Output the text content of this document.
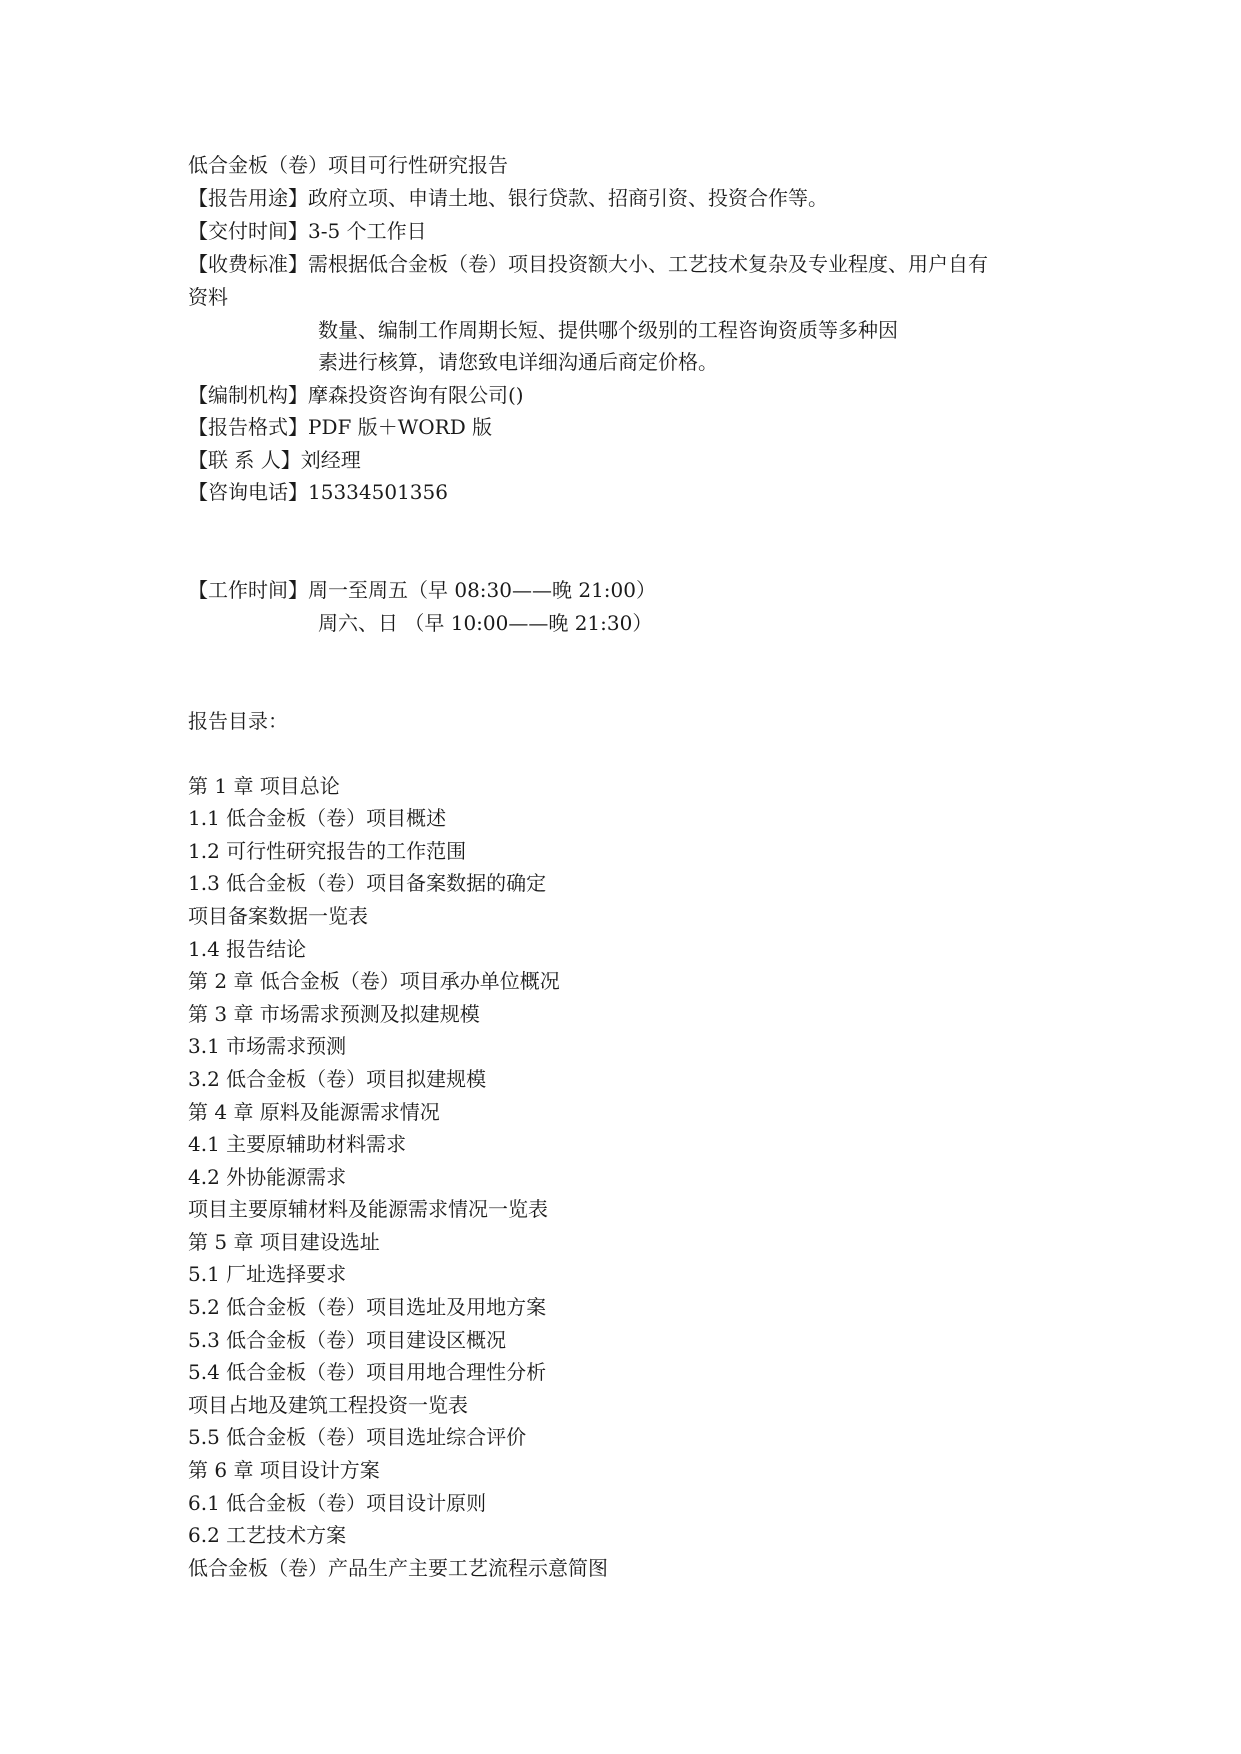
低合金板（卷）项目可行性研究报告
【报告用途】政府立项、申请土地、银行贷款、招商引资、投资合作等。
【交付时间】3-5 个工作日
【收费标准】需根据低合金板（卷）项目投资额大小、工艺技术复杂及专业程度、用户自有
资料
数量、编制工作周期长短、提供哪个级别的工程咨询资质等多种因
素进行核算，请您致电详细沟通后商定价格。
【编制机构】摩森投资咨询有限公司()
【报告格式】PDF 版＋WORD 版
【联 系 人】刘经理
【咨询电话】15334501356
【工作时间】周一至周五（早 08:30——晚 21:00）
周六、日 （早 10:00——晚 21:30）
报告目录：
第 1 章 项目总论
1.1 低合金板（卷）项目概述
1.2 可行性研究报告的工作范围
1.3 低合金板（卷）项目备案数据的确定
项目备案数据一览表
1.4 报告结论
第 2 章 低合金板（卷）项目承办单位概况
第 3 章 市场需求预测及拟建规模
3.1 市场需求预测
3.2 低合金板（卷）项目拟建规模
第 4 章 原料及能源需求情况
4.1 主要原辅助材料需求
4.2 外协能源需求
项目主要原辅材料及能源需求情况一览表
第 5 章 项目建设选址
5.1 厂址选择要求
5.2 低合金板（卷）项目选址及用地方案
5.3 低合金板（卷）项目建设区概况
5.4 低合金板（卷）项目用地合理性分析
项目占地及建筑工程投资一览表
5.5 低合金板（卷）项目选址综合评价
第 6 章 项目设计方案
6.1 低合金板（卷）项目设计原则
6.2 工艺技术方案
低合金板（卷）产品生产主要工艺流程示意简图
